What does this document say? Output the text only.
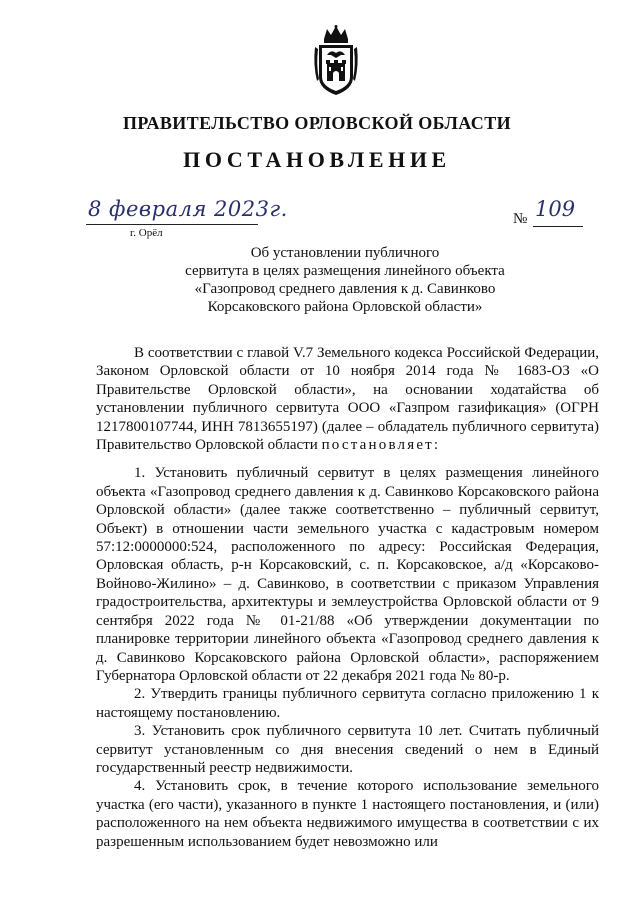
ПРАВИТЕЛЬСТВО ОРЛОВСКОЙ ОБЛАСТИ
ПОСТАНОВЛЕНИЕ
8 февраля 2023г.
г. Орёл
№ 109
Об установлении публичного
сервитута в целях размещения линейного объекта
«Газопровод среднего давления к д. Савинково
Корсаковского района Орловской области»

В соответствии с главой V.7 Земельного кодекса Российской Федерации, Законом Орловской области от 10 ноября 2014 года № 1683-ОЗ «О Правительстве Орловской области», на основании ходатайства об установлении публичного сервитута ООО «Газпром газификация» (ОГРН 1217800107744, ИНН 7813655197) (далее – обладатель публичного сервитута) Правительство Орловской области постановляет:

1. Установить публичный сервитут в целях размещения линейного объекта «Газопровод среднего давления к д. Савинково Корсаковского района Орловской области» (далее также соответственно – публичный сервитут, Объект) в отношении части земельного участка с кадастровым номером 57:12:0000000:524, расположенного по адресу: Российская Федерация, Орловская область, р-н Корсаковский, с. п. Корсаковское, а/д «Корсаково-Войново-Жилино» – д. Савинково, в соответствии с приказом Управления градостроительства, архитектуры и землеустройства Орловской области от 9 сентября 2022 года № 01-21/88 «Об утверждении документации по планировке территории линейного объекта «Газопровод среднего давления к д. Савинково Корсаковского района Орловской области», распоряжением Губернатора Орловской области от 22 декабря 2021 года № 80-р.

2. Утвердить границы публичного сервитута согласно приложению 1 к настоящему постановлению.

3. Установить срок публичного сервитута 10 лет. Считать публичный сервитут установленным со дня внесения сведений о нем в Единый государственный реестр недвижимости.

4. Установить срок, в течение которого использование земельного участка (его части), указанного в пункте 1 настоящего постановления, и (или) расположенного на нем объекта недвижимого имущества в соответствии с их разрешенным использованием будет невозможно или
